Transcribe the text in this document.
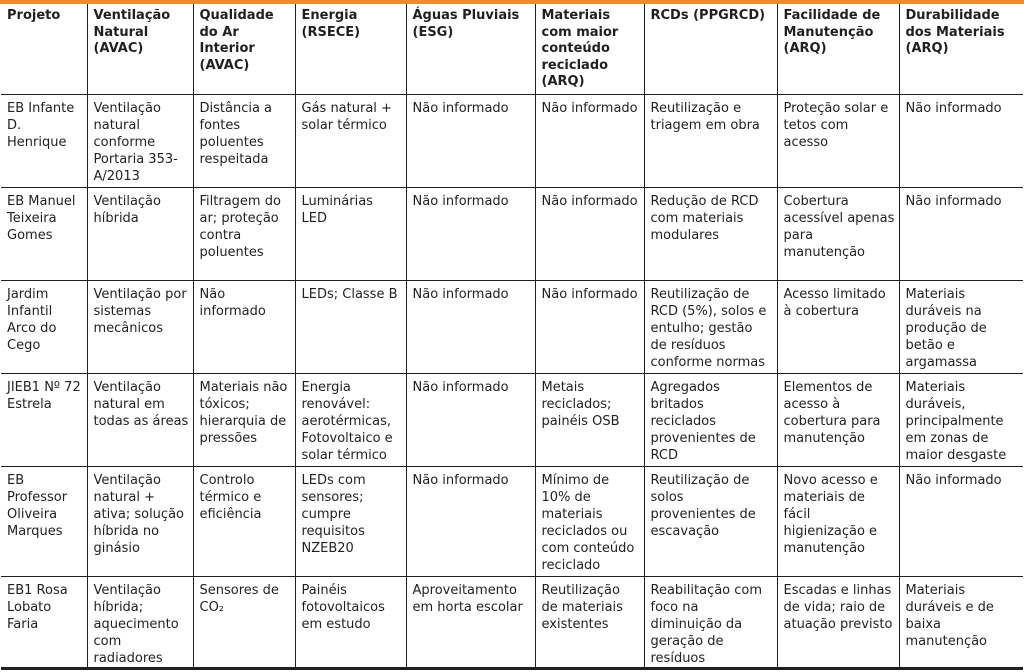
Projeto	Ventilação Natural (AVAC)	Qualidade do Ar Interior (AVAC)	Energia (RSECE)	Águas Pluviais (ESG)	Materiais com maior conteúdo reciclado (ARQ)	RCDs (PPGRCD)	Facilidade de Manutenção (ARQ)	Durabilidade dos Materiais (ARQ)
EB Infante D. Henrique	Ventilação natural conforme Portaria 353-A/2013	Distância a fontes poluentes respeitada	Gás natural + solar térmico	Não informado	Não informado	Reutilização e triagem em obra	Proteção solar e tetos com acesso	Não informado
EB Manuel Teixeira Gomes	Ventilação híbrida	Filtragem do ar; proteção contra poluentes	Luminárias LED	Não informado	Não informado	Redução de RCD com materiais modulares	Cobertura acessível apenas para manutenção	Não informado
Jardim Infantil Arco do Cego	Ventilação por sistemas mecânicos	Não informado	LEDs; Classe B	Não informado	Não informado	Reutilização de RCD (5%), solos e entulho; gestão de resíduos conforme normas	Acesso limitado à cobertura	Materiais duráveis na produção de betão e argamassa
JIEB1 Nº 72 Estrela	Ventilação natural em todas as áreas	Materiais não tóxicos; hierarquia de pressões	Energia renovável: aerotérmicas, Fotovoltaico e solar térmico	Não informado	Metais reciclados; painéis OSB	Agregados britados reciclados provenientes de RCD	Elementos de acesso à cobertura para manutenção	Materiais duráveis, principalmente em zonas de maior desgaste
EB Professor Oliveira Marques	Ventilação natural + ativa; solução híbrida no ginásio	Controlo térmico e eficiência	LEDs com sensores; cumpre requisitos NZEB20	Não informado	Mínimo de 10% de materiais reciclados ou com conteúdo reciclado	Reutilização de solos provenientes de escavação	Novo acesso e materiais de fácil higienização e manutenção	Não informado
EB1 Rosa Lobato Faria	Ventilação híbrida; aquecimento com radiadores	Sensores de CO₂	Painéis fotovoltaicos em estudo	Aproveitamento em horta escolar	Reutilização de materiais existentes	Reabilitação com foco na diminuição da geração de resíduos	Escadas e linhas de vida; raio de atuação previsto	Materiais duráveis e de baixa manutenção
